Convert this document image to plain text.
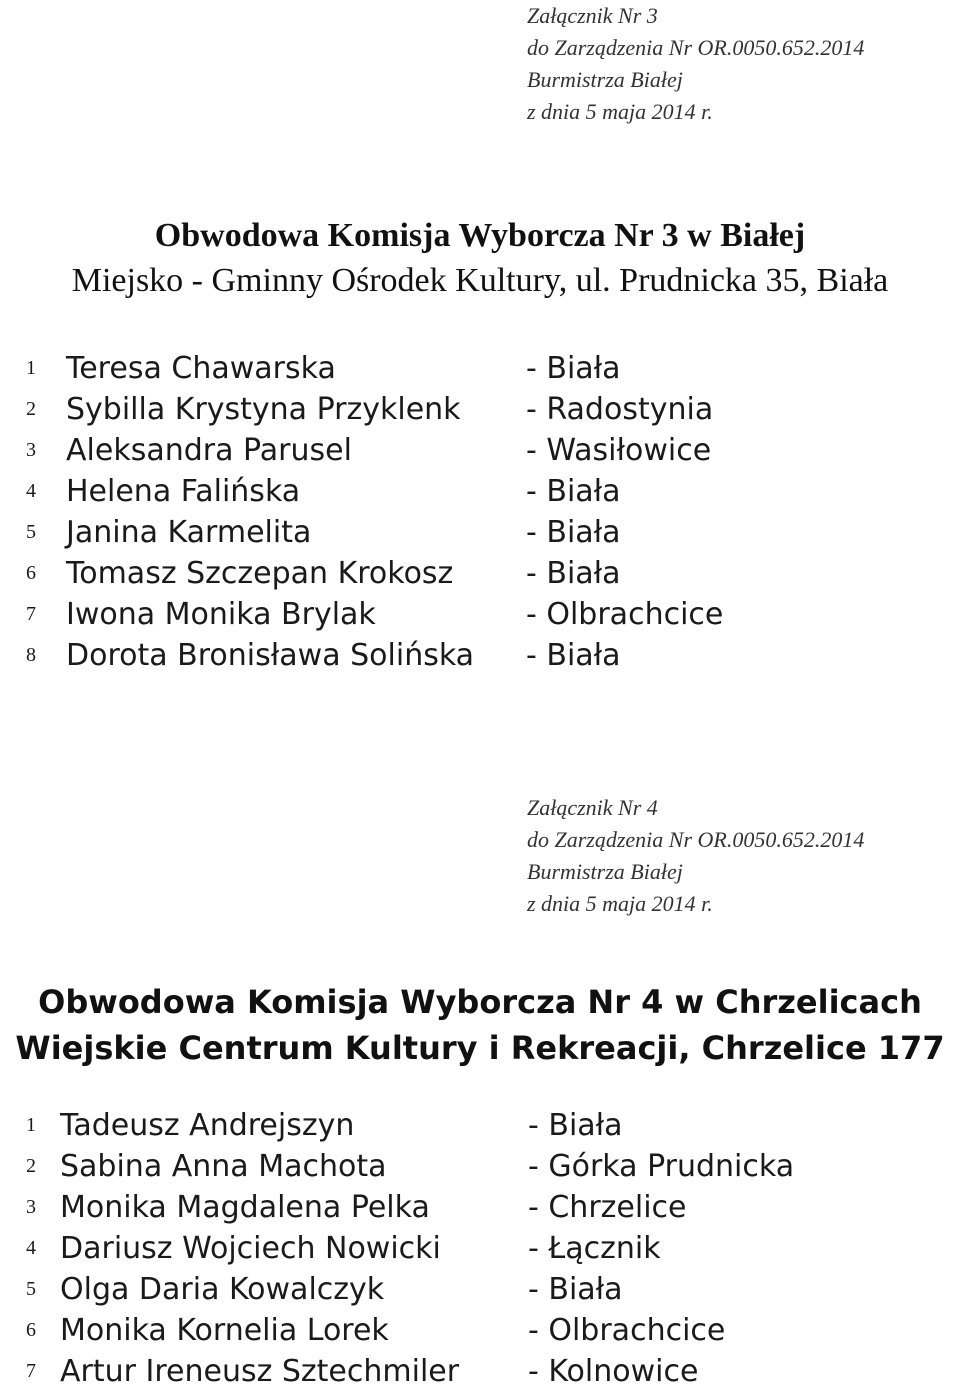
Załącznik Nr 3
do Zarządzenia Nr OR.0050.652.2014
Burmistrza Białej
z dnia 5 maja 2014 r.
Obwodowa Komisja Wyborcza Nr 3 w Białej
Miejsko - Gminny Ośrodek Kultury, ul. Prudnicka 35, Biała
1	Teresa Chawarska	- Biała
2	Sybilla Krystyna Przyklenk - Radostynia
3	Aleksandra Parusel	- Wasiłowice
4	Helena Falińska	- Biała
5	Janina Karmelita	- Biała
6	Tomasz Szczepan Krokosz - Biała
7	Iwona Monika Brylak	- Olbrachcice
8	Dorota Bronisława Solińska - Biała
Załącznik Nr 4
do Zarządzenia Nr OR.0050.652.2014
Burmistrza Białej
z dnia 5 maja 2014 r.
Obwodowa Komisja Wyborcza Nr 4 w Chrzelicach
Wiejskie Centrum Kultury i Rekreacji, Chrzelice 177
1 Tadeusz Andrejszyn	- Biała
2 Sabina Anna Machota	- Górka Prudnicka
3 Monika Magdalena Pelka	- Chrzelice
4 Dariusz Wojciech Nowicki	- Łącznik
5 Olga Daria Kowalczyk	- Biała
6 Monika Kornelia Lorek	- Olbrachcice
7 Artur Ireneusz Sztechmiler - Kolnowice
